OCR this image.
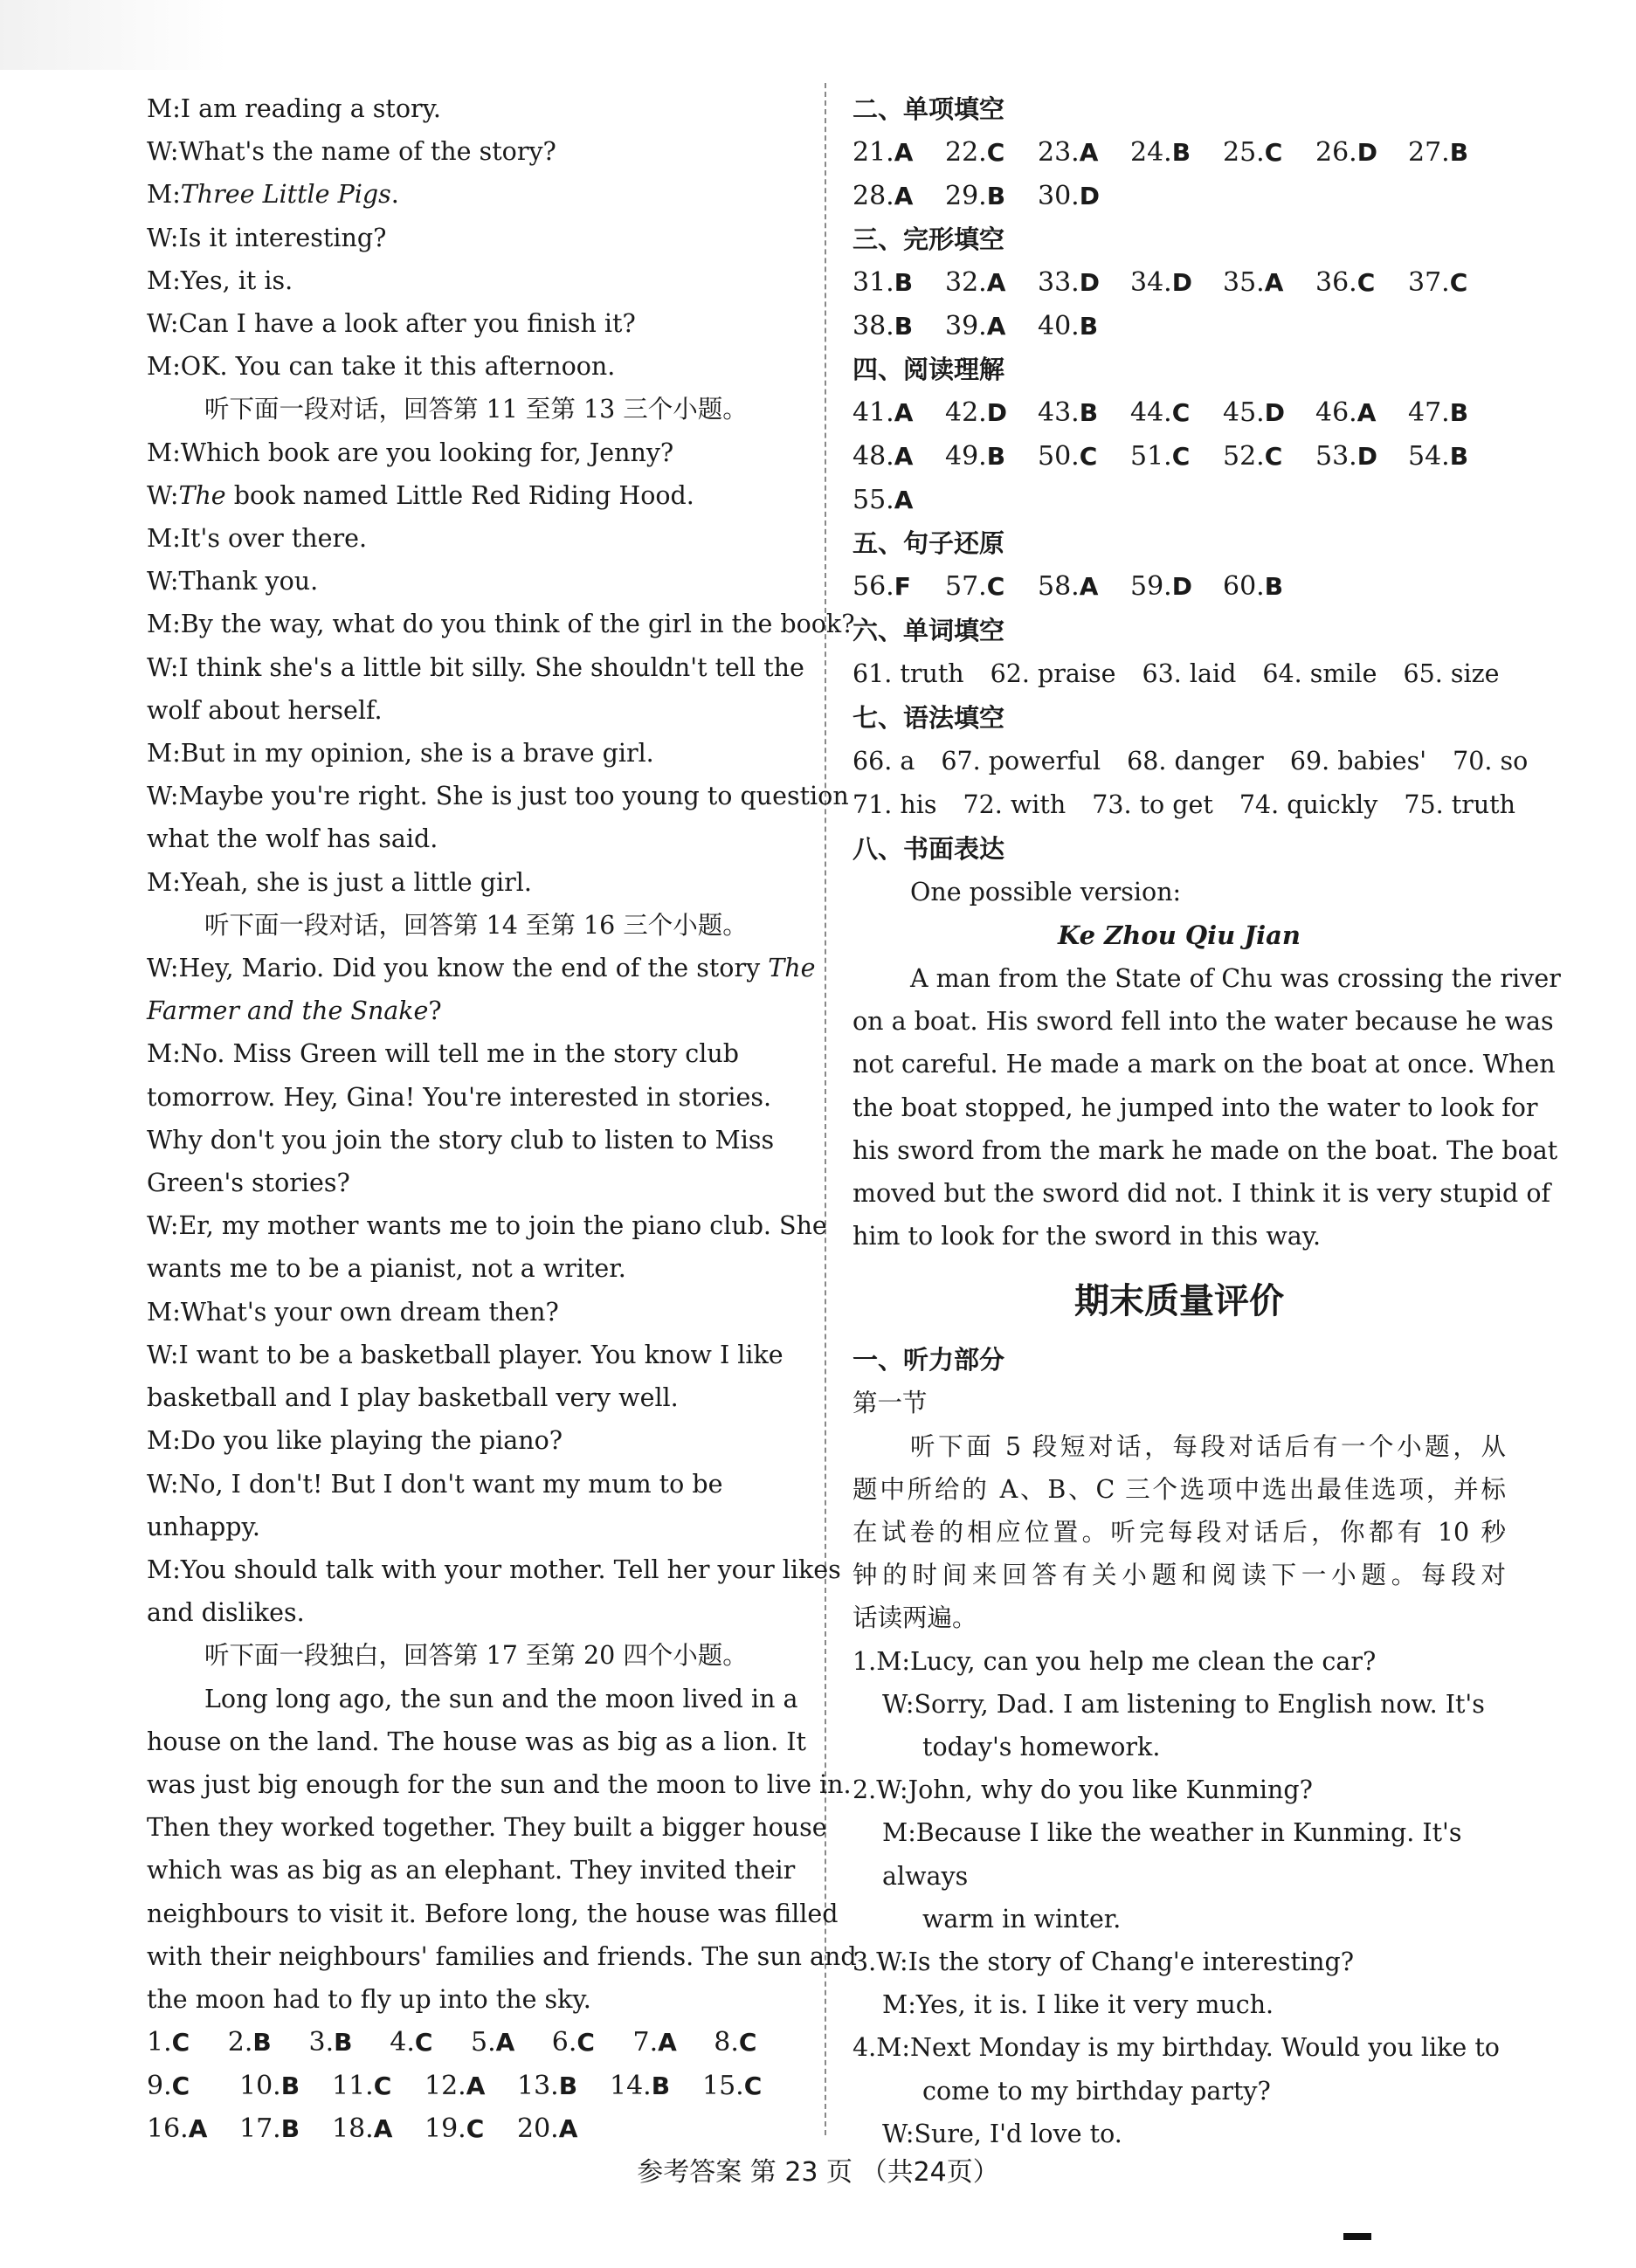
M:I am reading a story.
W:What's the name of the story?
M:Three Little Pigs.
W:Is it interesting?
M:Yes, it is.
W:Can I have a look after you finish it?
M:OK. You can take it this afternoon.
听下面一段对话，回答第 11 至第 13 三个小题。
M:Which book are you looking for, Jenny?
W:The book named Little Red Riding Hood.
M:It's over there.
W:Thank you.
M:By the way, what do you think of the girl in the book?
W:I think she's a little bit silly. She shouldn't tell the
wolf about herself.
M:But in my opinion, she is a brave girl.
W:Maybe you're right. She is just too young to question
what the wolf has said.
M:Yeah, she is just a little girl.
听下面一段对话，回答第 14 至第 16 三个小题。
W:Hey, Mario. Did you know the end of the story The
Farmer and the Snake?
M:No. Miss Green will tell me in the story club
tomorrow. Hey, Gina! You're interested in stories.
Why don't you join the story club to listen to Miss
Green's stories?
W:Er, my mother wants me to join the piano club. She
wants me to be a pianist, not a writer.
M:What's your own dream then?
W:I want to be a basketball player. You know I like
basketball and I play basketball very well.
M:Do you like playing the piano?
W:No, I don't! But I don't want my mum to be
unhappy.
M:You should talk with your mother. Tell her your likes
and dislikes.
听下面一段独白，回答第 17 至第 20 四个小题。
Long long ago, the sun and the moon lived in a
house on the land. The house was as big as a lion. It
was just big enough for the sun and the moon to live in.
Then they worked together. They built a bigger house
which was as big as an elephant. They invited their
neighbours to visit it. Before long, the house was filled
with their neighbours' families and friends. The sun and
the moon had to fly up into the sky.
1.C	2.B	3.B	4.C	5.A	6.C	7.A	8.C
9.C	10.B	11.C	12.A	13.B	14.B	15.C
16.A	17.B	18.A	19.C	20.A
二、单项填空
21.A	22.C	23.A	24.B	25.C	26.D	27.B
28.A	29.B	30.D
三、完形填空
31.B	32.A	33.D	34.D	35.A	36.C	37.C
38.B	39.A	40.B
四、阅读理解
41.A	42.D	43.B	44.C	45.D	46.A	47.B
48.A	49.B	50.C	51.C	52.C	53.D	54.B
55.A
五、句子还原
56.F	57.C	58.A	59.D	60.B
六、单词填空
61. truth 62. praise 63. laid 64. smile 65. size
七、语法填空
66. a 67. powerful 68. danger 69. babies' 70. so
71. his 72. with 73. to get 74. quickly 75. truth
八、书面表达
One possible version:
Ke Zhou Qiu Jian
A man from the State of Chu was crossing the river
on a boat. His sword fell into the water because he was
not careful. He made a mark on the boat at once. When
the boat stopped, he jumped into the water to look for
his sword from the mark he made on the boat. The boat
moved but the sword did not. I think it is very stupid of
him to look for the sword in this way.
期末质量评价
一、听力部分
第一节
听下面 5 段短对话，每段对话后有一个小题，从
题中所给的 A、B、C 三个选项中选出最佳选项，并标
在试卷的相应位置。听完每段对话后，你都有 10 秒
钟的时间来回答有关小题和阅读下一小题。每段对
话读两遍。
1.M:Lucy, can you help me clean the car?
W:Sorry, Dad. I am listening to English now. It's
today's homework.
2.W:John, why do you like Kunming?
M:Because I like the weather in Kunming. It's always
warm in winter.
3.W:Is the story of Chang'e interesting?
M:Yes, it is. I like it very much.
4.M:Next Monday is my birthday. Would you like to
come to my birthday party?
W:Sure, I'd love to.
参考答案 第 23 页 （共24页）
